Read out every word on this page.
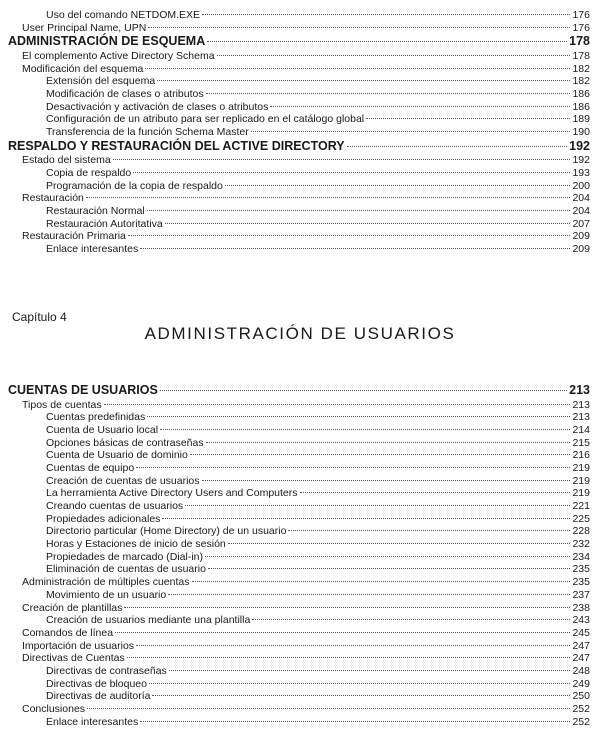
Uso del comando NETDOM.EXE	176
User Principal Name, UPN	176
ADMINISTRACIÓN DE ESQUEMA	178
El complemento Active Directory Schema	178
Modificación del esquema	182
Extensión del esquema	182
Modificación de clases o atributos	186
Desactivación y activación de clases o atributos	186
Configuración de un atributo para ser replicado en el catálogo global	189
Transferencia de la función Schema Master	190
RESPALDO Y RESTAURACIÓN DEL ACTIVE DIRECTORY	192
Estado del sistema	192
Copia de respaldo	193
Programación de la copia de respaldo	200
Restauración	204
Restauración Normal	204
Restauración Autoritativa	207
Restauración Primaria	209
Enlace interesantes	209
Capítulo 4
ADMINISTRACIÓN DE USUARIOS
CUENTAS DE USUARIOS	213
Tipos de cuentas	213
Cuentas predefinidas	213
Cuenta de Usuario local	214
Opciones básicas de contraseñas	215
Cuenta de Usuario de dominio	216
Cuentas de equipo	219
Creación de cuentas de usuarios	219
La herramienta Active Directory Users and Computers	219
Creando cuentas de usuarios	221
Propiedades adicionales	225
Directorio particular (Home Directory) de un usuario	228
Horas y Estaciones de inicio de sesión	232
Propiedades de marcado (Dial-in)	234
Eliminación de cuentas de usuario	235
Administración de múltiples cuentas	235
Movimiento de un usuario	237
Creación de plantillas	238
Creación de usuarios mediante una plantilla	243
Comandos de línea	245
Importación de usuarios	247
Directivas de Cuentas	247
Directivas de contraseñas	248
Directivas de bloqueo	249
Directivas de auditoría	250
Conclusiones	252
Enlace interesantes	252
